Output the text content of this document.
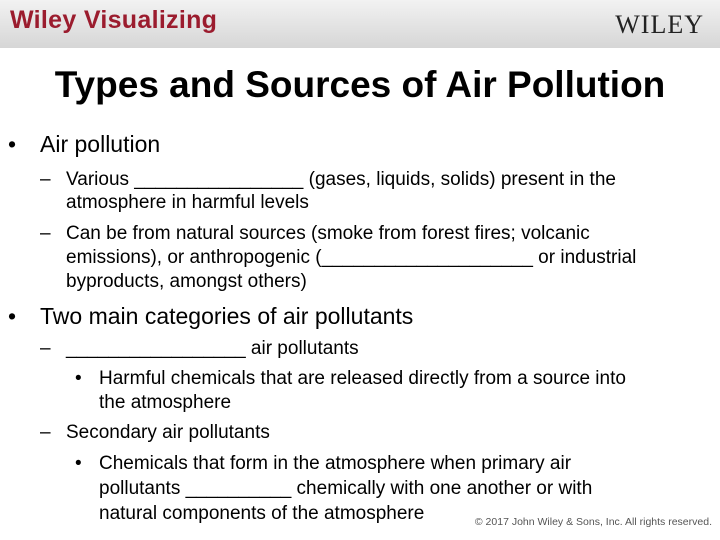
Wiley Visualizing	WILEY
Types and Sources of Air Pollution
• Air pollution
– Various ________________ (gases, liquids, solids) present in the
atmosphere in harmful levels
– Can be from natural sources (smoke from forest fires; volcanic
emissions), or anthropogenic (____________________ or industrial
byproducts, amongst others)
• Two main categories of air pollutants
– _________________ air pollutants
• Harmful chemicals that are released directly from a source into
the atmosphere
– Secondary air pollutants
• Chemicals that form in the atmosphere when primary air
pollutants __________ chemically with one another or with
natural components of the atmosphere	© 2017 John Wiley & Sons, Inc. All rights reserved.
